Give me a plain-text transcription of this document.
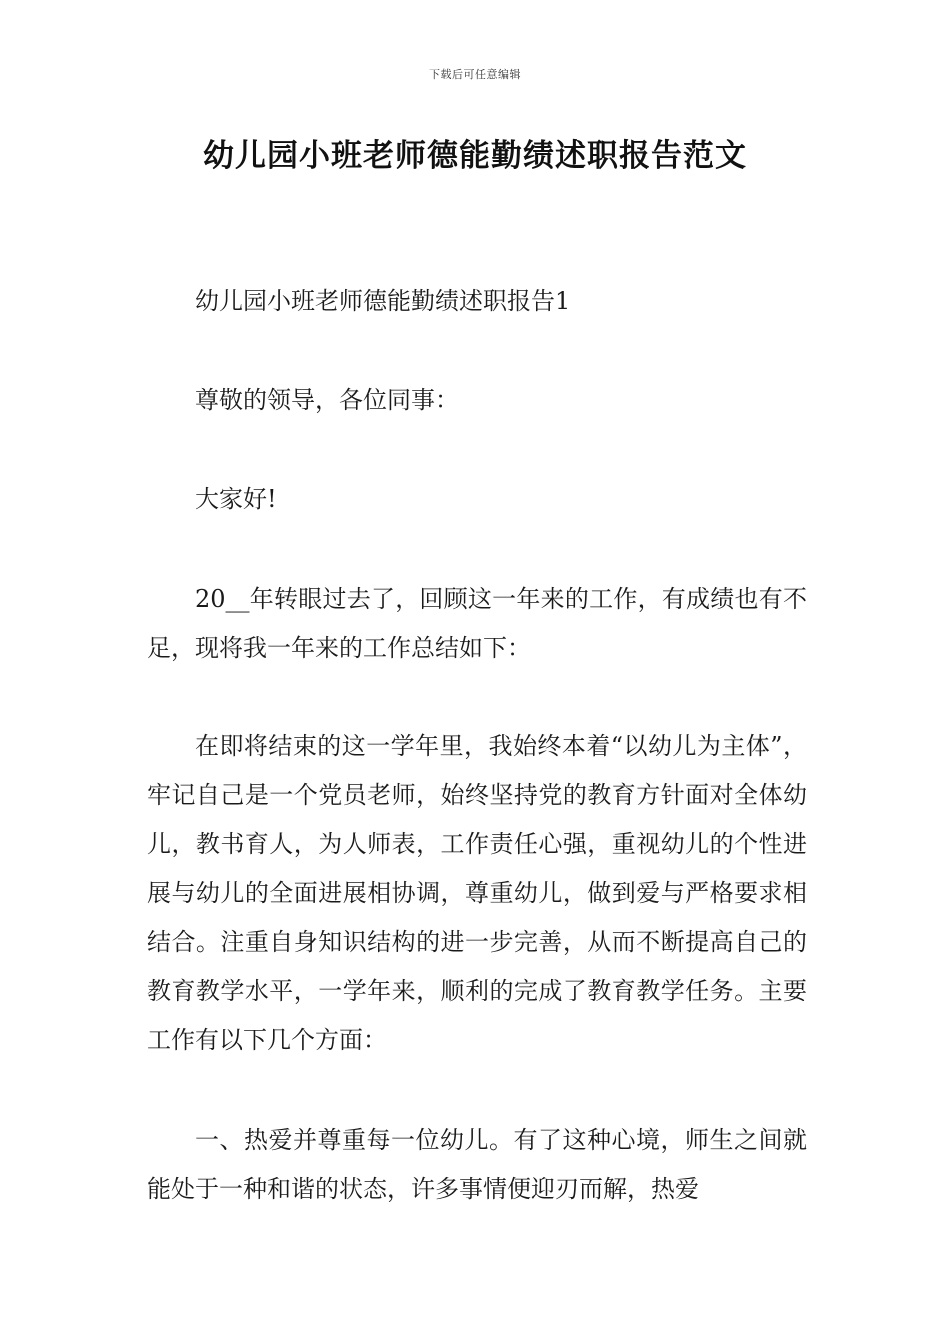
下载后可任意编辑
幼儿园小班老师德能勤绩述职报告范文

幼儿园小班老师德能勤绩述职报告1

尊敬的领导，各位同事：

大家好!

20__年转眼过去了，回顾这一年来的工作，有成绩也有不足，现将我一年来的工作总结如下：

在即将结束的这一学年里，我始终本着“以幼儿为主体”，牢记自己是一个党员老师，始终坚持党的教育方针面对全体幼儿，教书育人，为人师表，工作责任心强，重视幼儿的个性进展与幼儿的全面进展相协调，尊重幼儿，做到爱与严格要求相结合。注重自身知识结构的进一步完善，从而不断提高自己的教育教学水平，一学年来，顺利的完成了教育教学任务。主要工作有以下几个方面：

一、热爱并尊重每一位幼儿。有了这种心境，师生之间就能处于一种和谐的状态，许多事情便迎刃而解，热爱
